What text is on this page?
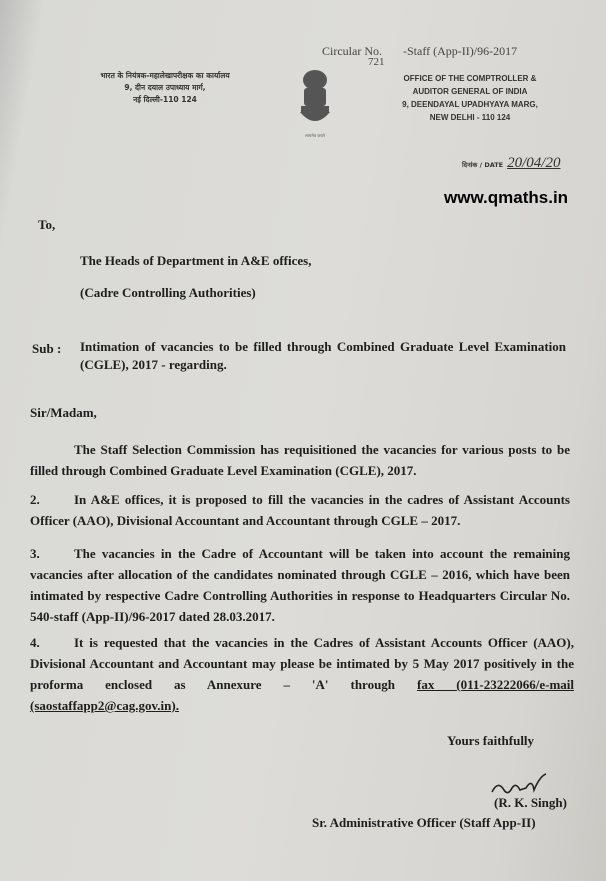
Circular No. -Staff (App-II)/96-2017
721
भारत के नियंत्रक-महालेखापरीक्षक का कार्यालय
9, दीन दयाल उपाध्याय मार्ग,
नई दिल्ली-110 124
सत्यमेव जयते
OFFICE OF THE COMPTROLLER &
AUDITOR GENERAL OF INDIA
9, DEENDAYAL UPADHYAYA MARG,
NEW DELHI - 110 124
दिनांक / DATE 20/04/20
www.qmaths.in
To,
The Heads of Department in A&E offices,
(Cadre Controlling Authorities)
Sub : Intimation of vacancies to be filled through Combined Graduate Level Examination (CGLE), 2017 - regarding.
Sir/Madam,
The Staff Selection Commission has requisitioned the vacancies for various posts to be filled through Combined Graduate Level Examination (CGLE), 2017.
2.	In A&E offices, it is proposed to fill the vacancies in the cadres of Assistant Accounts Officer (AAO), Divisional Accountant and Accountant through CGLE – 2017.
3.	The vacancies in the Cadre of Accountant will be taken into account the remaining vacancies after allocation of the candidates nominated through CGLE – 2016, which have been intimated by respective Cadre Controlling Authorities in response to Headquarters Circular No. 540-staff (App-II)/96-2017 dated 28.03.2017.
4.	It is requested that the vacancies in the Cadres of Assistant Accounts Officer (AAO), Divisional Accountant and Accountant may please be intimated by 5 May 2017 positively in the proforma enclosed as Annexure – 'A' through fax (011-23222066/e-mail (saostaffapp2@cag.gov.in).
Yours faithfully
(R. K. Singh)
Sr. Administrative Officer (Staff App-II)
